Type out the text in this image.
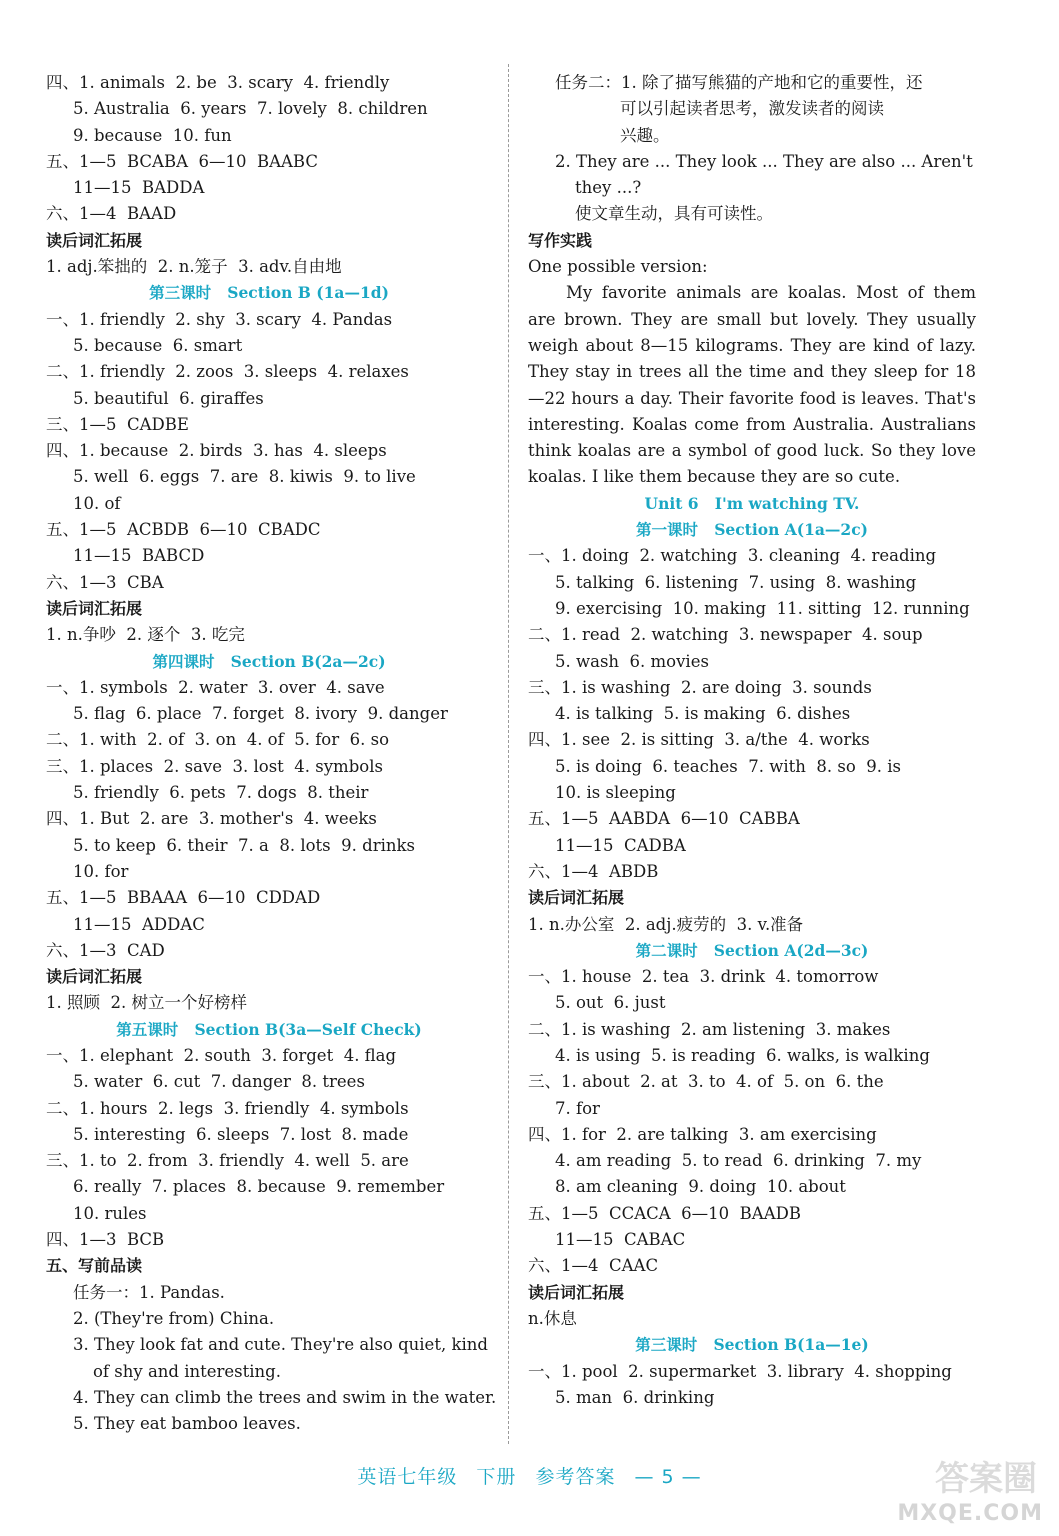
四、1. animals  2. be  3. scary  4. friendly
5. Australia  6. years  7. lovely  8. children
9. because  10. fun
五、1—5  BCABA  6—10  BAABC
11—15  BADDA
六、1—4  BAAD
读后词汇拓展
1. adj.笨拙的  2. n.笼子  3. adv.自由地
第三课时   Section B (1a—1d)
一、1. friendly  2. shy  3. scary  4. Pandas
5. because  6. smart
二、1. friendly  2. zoos  3. sleeps  4. relaxes
5. beautiful  6. giraffes
三、1—5  CADBE
四、1. because  2. birds  3. has  4. sleeps
5. well  6. eggs  7. are  8. kiwis  9. to live
10. of
五、1—5  ACBDB  6—10  CBADC
11—15  BABCD
六、1—3  CBA
读后词汇拓展
1. n.争吵  2. 逐个  3. 吃完
第四课时   Section B(2a—2c)
一、1. symbols  2. water  3. over  4. save
5. flag  6. place  7. forget  8. ivory  9. danger
二、1. with  2. of  3. on  4. of  5. for  6. so
三、1. places  2. save  3. lost  4. symbols
5. friendly  6. pets  7. dogs  8. their
四、1. But  2. are  3. mother's  4. weeks
5. to keep  6. their  7. a  8. lots  9. drinks
10. for
五、1—5  BBAAA  6—10  CDDAD
11—15  ADDAC
六、1—3  CAD
读后词汇拓展
1. 照顾  2. 树立一个好榜样
第五课时   Section B(3a—Self Check)
一、1. elephant  2. south  3. forget  4. flag
5. water  6. cut  7. danger  8. trees
二、1. hours  2. legs  3. friendly  4. symbols
5. interesting  6. sleeps  7. lost  8. made
三、1. to  2. from  3. friendly  4. well  5. are
6. really  7. places  8. because  9. remember
10. rules
四、1—3  BCB
五、写前品读
任务一：1. Pandas.
2. (They're from) China.
3. They look fat and cute. They're also quiet, kind
of shy and interesting.
4. They can climb the trees and swim in the water.
5. They eat bamboo leaves.
任务二：1. 除了描写熊猫的产地和它的重要性，还
可以引起读者思考，激发读者的阅读
兴趣。
2. They are ... They look ... They are also ... Aren't
they ...?
使文章生动，具有可读性。
写作实践
One possible version:
My favorite animals are koalas. Most of them are brown. They are small but lovely. They usually weigh about 8—15 kilograms. They are kind of lazy. They stay in trees all the time and they sleep for 18—22 hours a day. Their favorite food is leaves. That's interesting. Koalas come from Australia. Australians think koalas are a symbol of good luck. So they love koalas. I like them because they are so cute.
Unit 6   I'm watching TV.
第一课时   Section A(1a—2c)
一、1. doing  2. watching  3. cleaning  4. reading
5. talking  6. listening  7. using  8. washing
9. exercising  10. making  11. sitting  12. running
二、1. read  2. watching  3. newspaper  4. soup
5. wash  6. movies
三、1. is washing  2. are doing  3. sounds
4. is talking  5. is making  6. dishes
四、1. see  2. is sitting  3. a/the  4. works
5. is doing  6. teaches  7. with  8. so  9. is
10. is sleeping
五、1—5  AABDA  6—10  CABBA
11—15  CADBA
六、1—4  ABDB
读后词汇拓展
1. n.办公室  2. adj.疲劳的  3. v.准备
第二课时   Section A(2d—3c)
一、1. house  2. tea  3. drink  4. tomorrow
5. out  6. just
二、1. is washing  2. am listening  3. makes
4. is using  5. is reading  6. walks, is walking
三、1. about  2. at  3. to  4. of  5. on  6. the
7. for
四、1. for  2. are talking  3. am exercising
4. am reading  5. to read  6. drinking  7. my
8. am cleaning  9. doing  10. about
五、1—5  CCACA  6—10  BAADB
11—15  CABAC
六、1—4  CAAC
读后词汇拓展
n.休息
第三课时   Section B(1a—1e)
一、1. pool  2. supermarket  3. library  4. shopping
5. man  6. drinking
英语七年级 下册 参考答案 — 5 —	答案圈
MXQE.COM
